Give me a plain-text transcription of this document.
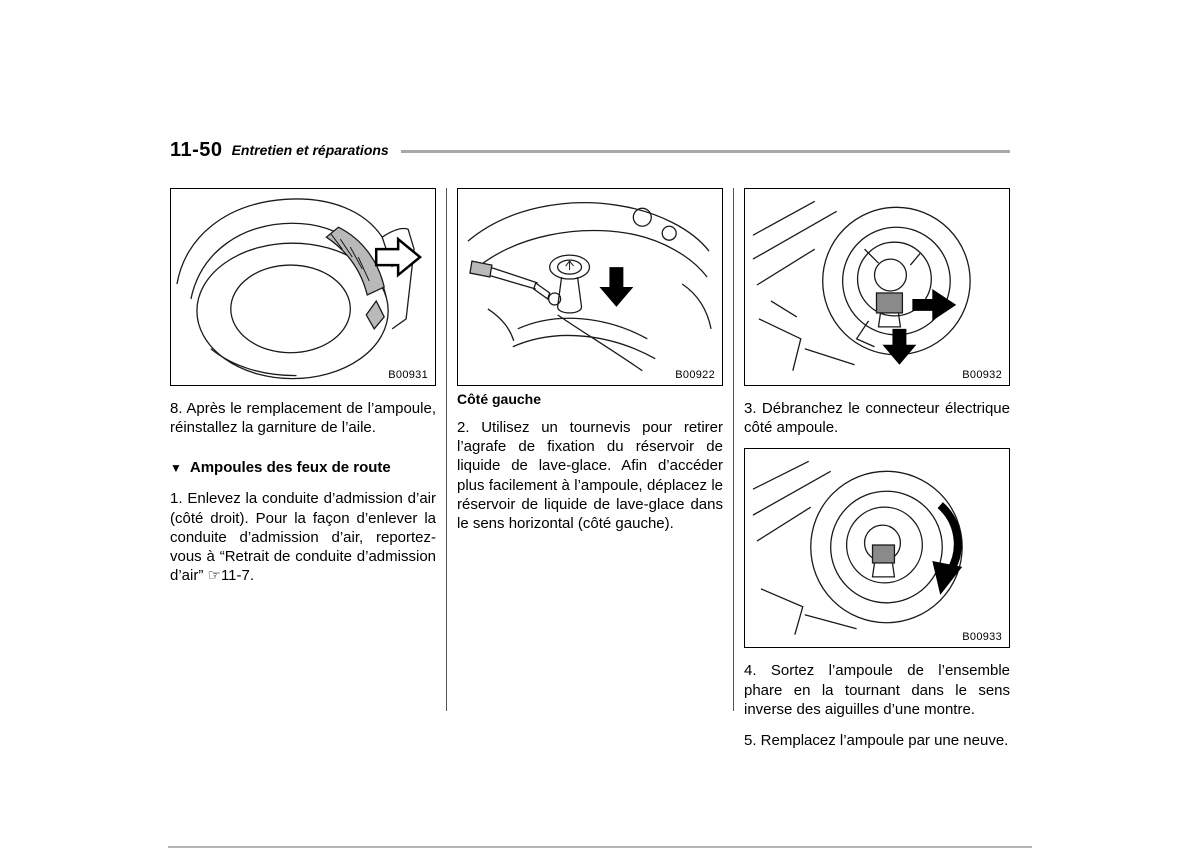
11-50 Entretien et réparations
B00931

8. Après le remplacement de l’ampoule, réinstallez la garniture de l’aile.

▼ Ampoules des feux de route

1. Enlevez la conduite d’admission d’air (côté droit). Pour la façon d’enlever la conduite d’admission d’air, reportez-vous à “Retrait de conduite d’admission d’air” ☞11-7.

B00922

Côté gauche

2. Utilisez un tournevis pour retirer l’agrafe de fixation du réservoir de liquide de lave-glace. Afin d’accéder plus facilement à l’ampoule, déplacez le réservoir de liquide de lave-glace dans le sens horizontal (côté gauche).

B00932

3. Débranchez le connecteur électrique côté ampoule.

B00933

4. Sortez l’ampoule de l’ensemble phare en la tournant dans le sens inverse des aiguilles d’une montre.

5. Remplacez l’ampoule par une neuve.
